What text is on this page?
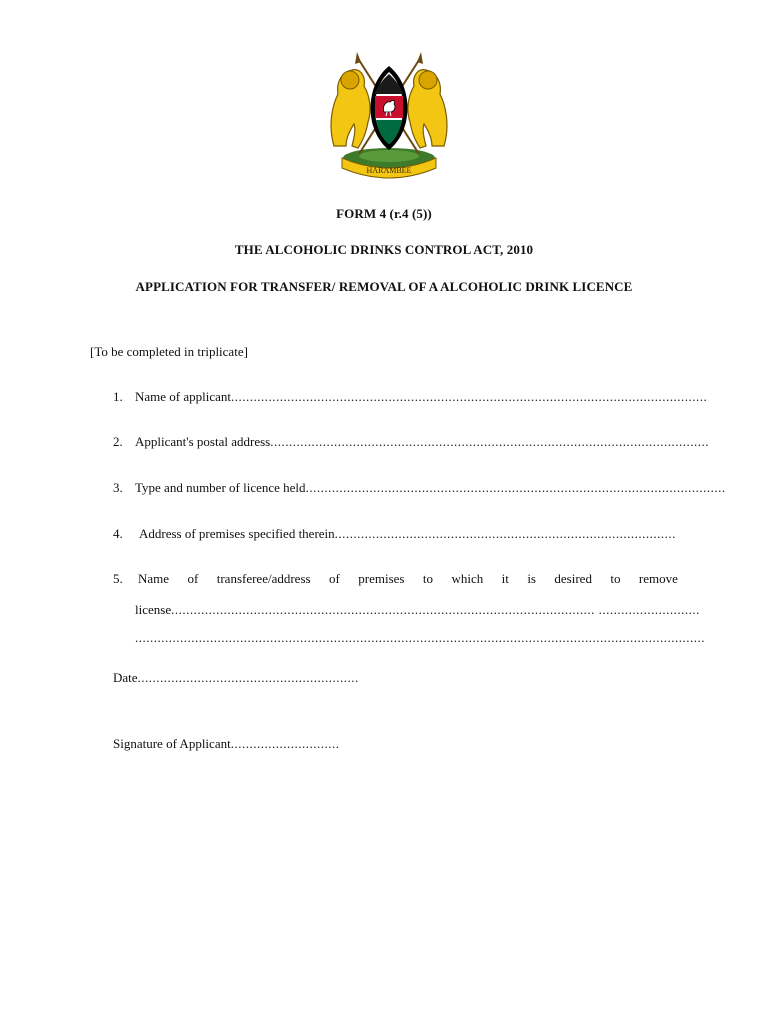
HARAMBEE
FORM 4 (r.4 (5))
THE ALCOHOLIC DRINKS CONTROL ACT, 2010
APPLICATION FOR TRANSFER/ REMOVAL OF A ALCOHOLIC DRINK LICENCE
[To be completed in triplicate]
1. Name of applicant...............................................................................................................................
2. Applicant's postal address.....................................................................................................................
3. Type and number of licence held................................................................................................................
4. Address of premises specified therein...........................................................................................
5. Name of transferee/address of premises to which it is desired to remove
license................................................................................................................. ...........................
........................................................................................................................................................
Date...........................................................
Signature of Applicant.............................
